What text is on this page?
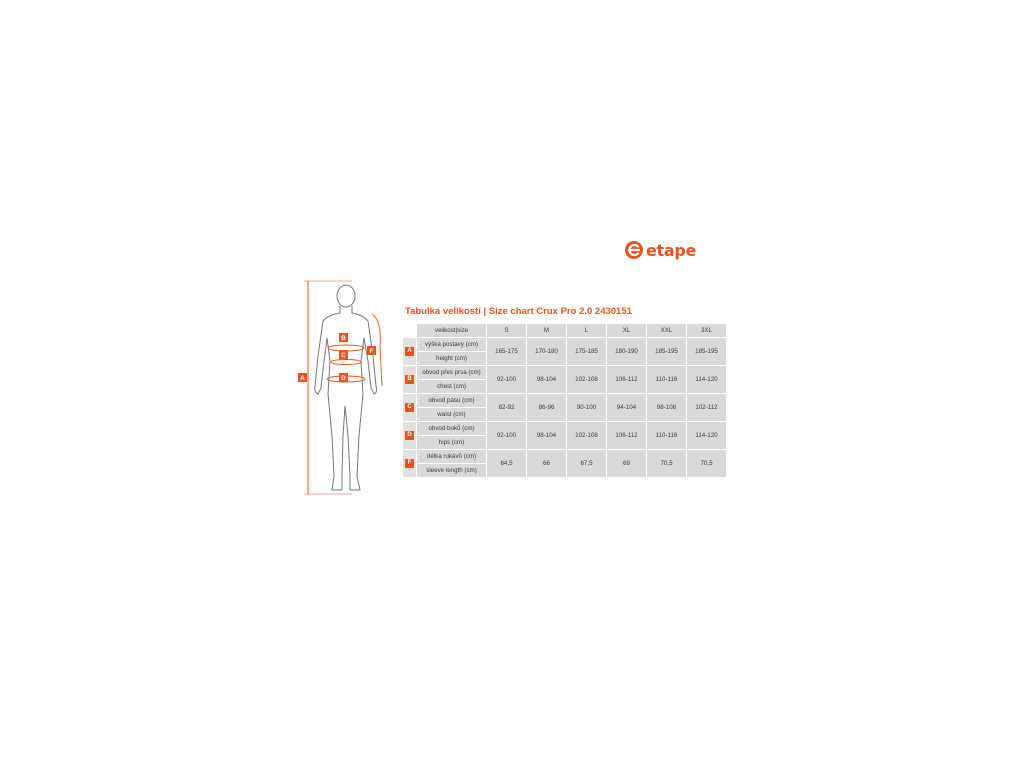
etape
Tabulka velikostí | Size chart Crux Pro 2.0 2430151
A
B
C
D
F
	velikost|size	S	M	L	XL	XXL	3XL
A	výška postavy (cm)	165-175	170-180	175-185	180-190	185-195	185-195
	height (cm)						
B	obvod přes prsa (cm)	92-100	98-104	102-108	106-112	110-116	114-120
	chest (cm)						
C	obvod pasu (cm)	82-92	86-96	90-100	94-104	98-108	102-112
	waist (cm)						
D	obvod boků (cm)	92-100	98-104	102-108	106-112	110-116	114-120
	hips (cm)						
F	délka rukávů (cm)	64,5	66	67,5	69	70,5	70,5
	sleeve length (cm)						
